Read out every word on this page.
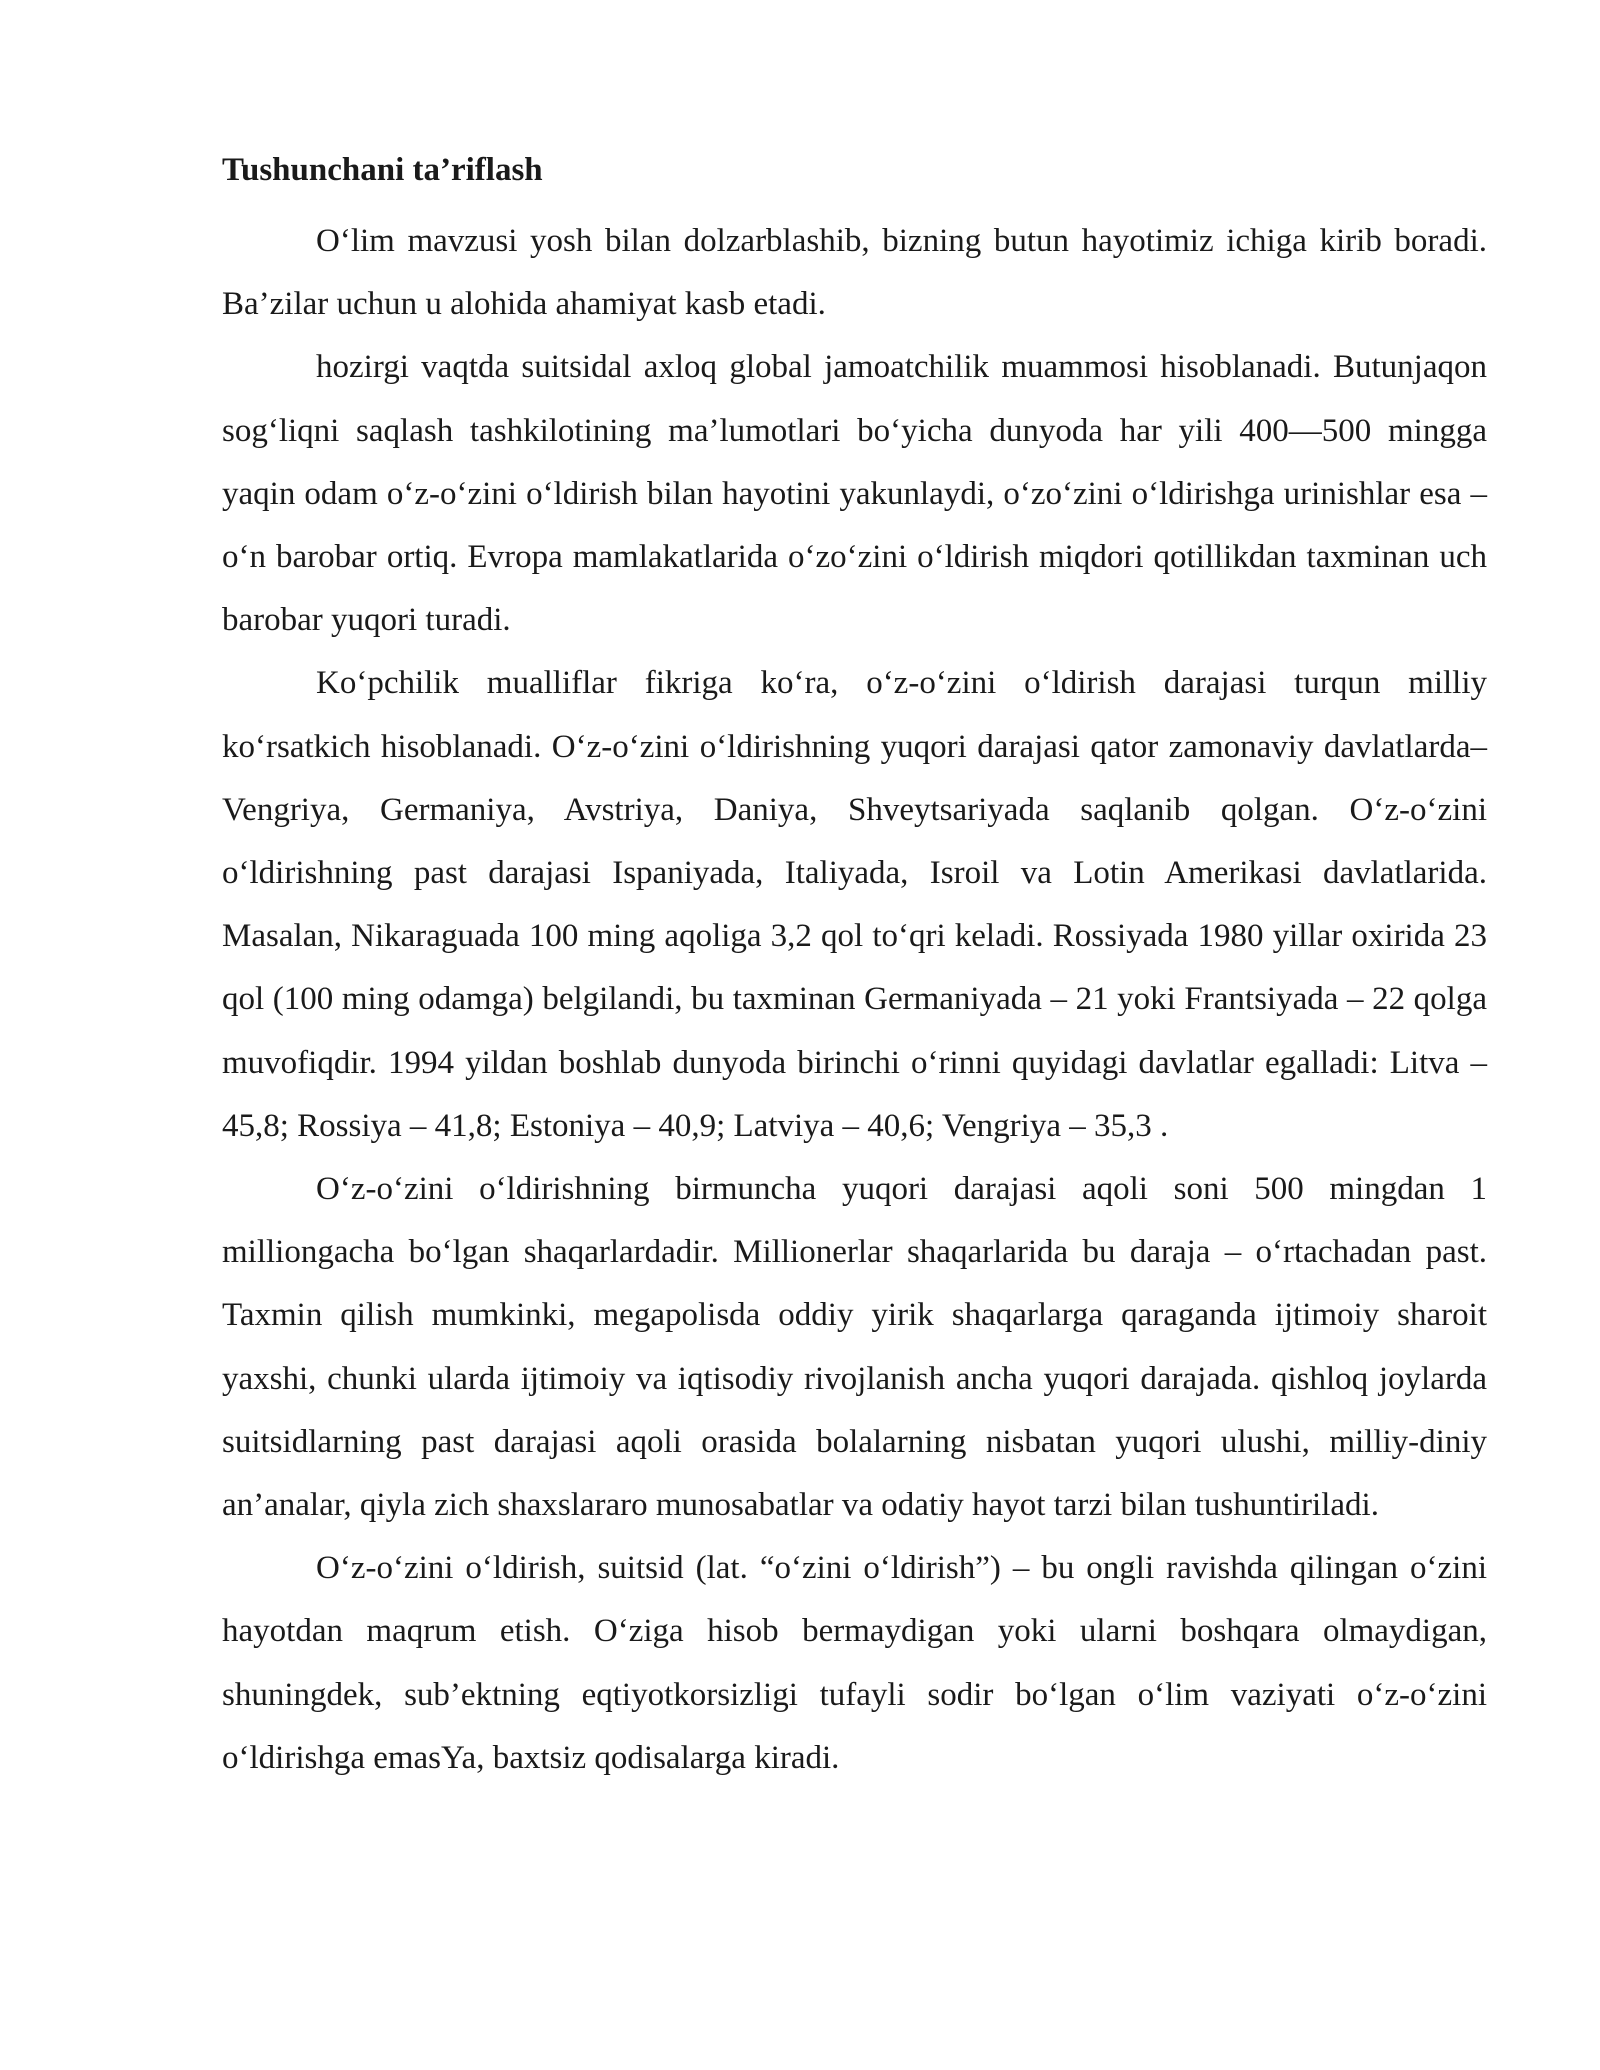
Tushunchani ta’riflash

O‘lim mavzusi yosh bilan dolzarblashib, bizning butun hayotimiz ichiga kirib boradi. Ba’zilar uchun u alohida ahamiyat kasb etadi.

hozirgi vaqtda suitsidal axloq global jamoatchilik muammosi hisoblanadi. Butunjaqon sog‘liqni saqlash tashkilotining ma’lumotlari bo‘yicha dunyoda har yili 400—500 mingga yaqin odam o‘z-o‘zini o‘ldirish bilan hayotini yakunlaydi, o‘zo‘zini o‘ldirishga urinishlar esa – o‘n barobar ortiq. Evropa mamlakatlarida o‘zo‘zini o‘ldirish miqdori qotillikdan taxminan uch barobar yuqori turadi.

Ko‘pchilik mualliflar fikriga ko‘ra, o‘z-o‘zini o‘ldirish darajasi turqun milliy ko‘rsatkich hisoblanadi. O‘z-o‘zini o‘ldirishning yuqori darajasi qator zamonaviy davlatlarda– Vengriya, Germaniya, Avstriya, Daniya, Shveytsariyada saqlanib qolgan. O‘z-o‘zini o‘ldirishning past darajasi Ispaniyada, Italiyada, Isroil va Lotin Amerikasi davlatlarida. Masalan, Nikaraguada 100 ming aqoliga 3,2 qol to‘qri keladi. Rossiyada 1980 yillar oxirida 23 qol (100 ming odamga) belgilandi, bu taxminan Germaniyada – 21 yoki Frantsiyada – 22 qolga muvofiqdir. 1994 yildan boshlab dunyoda birinchi o‘rinni quyidagi davlatlar egalladi: Litva – 45,8; Rossiya – 41,8; Estoniya – 40,9; Latviya – 40,6; Vengriya – 35,3 .

O‘z-o‘zini o‘ldirishning birmuncha yuqori darajasi aqoli soni 500 mingdan 1 milliongacha bo‘lgan shaqarlardadir. Millionerlar shaqarlarida bu daraja – o‘rtachadan past. Taxmin qilish mumkinki, megapolisda oddiy yirik shaqarlarga qaraganda ijtimoiy sharoit yaxshi, chunki ularda ijtimoiy va iqtisodiy rivojlanish ancha yuqori darajada. qishloq joylarda suitsidlarning past darajasi aqoli orasida bolalarning nisbatan yuqori ulushi, milliy-diniy an’analar, qiyla zich shaxslararo munosabatlar va odatiy hayot tarzi bilan tushuntiriladi.

O‘z-o‘zini o‘ldirish, suitsid (lat. “o‘zini o‘ldirish”) – bu ongli ravishda qilingan o‘zini hayotdan maqrum etish. O‘ziga hisob bermaydigan yoki ularni boshqara olmaydigan, shuningdek, sub’ektning eqtiyotkorsizligi tufayli sodir bo‘lgan o‘lim vaziyati o‘z-o‘zini o‘ldirishga emasYa, baxtsiz qodisalarga kiradi.
